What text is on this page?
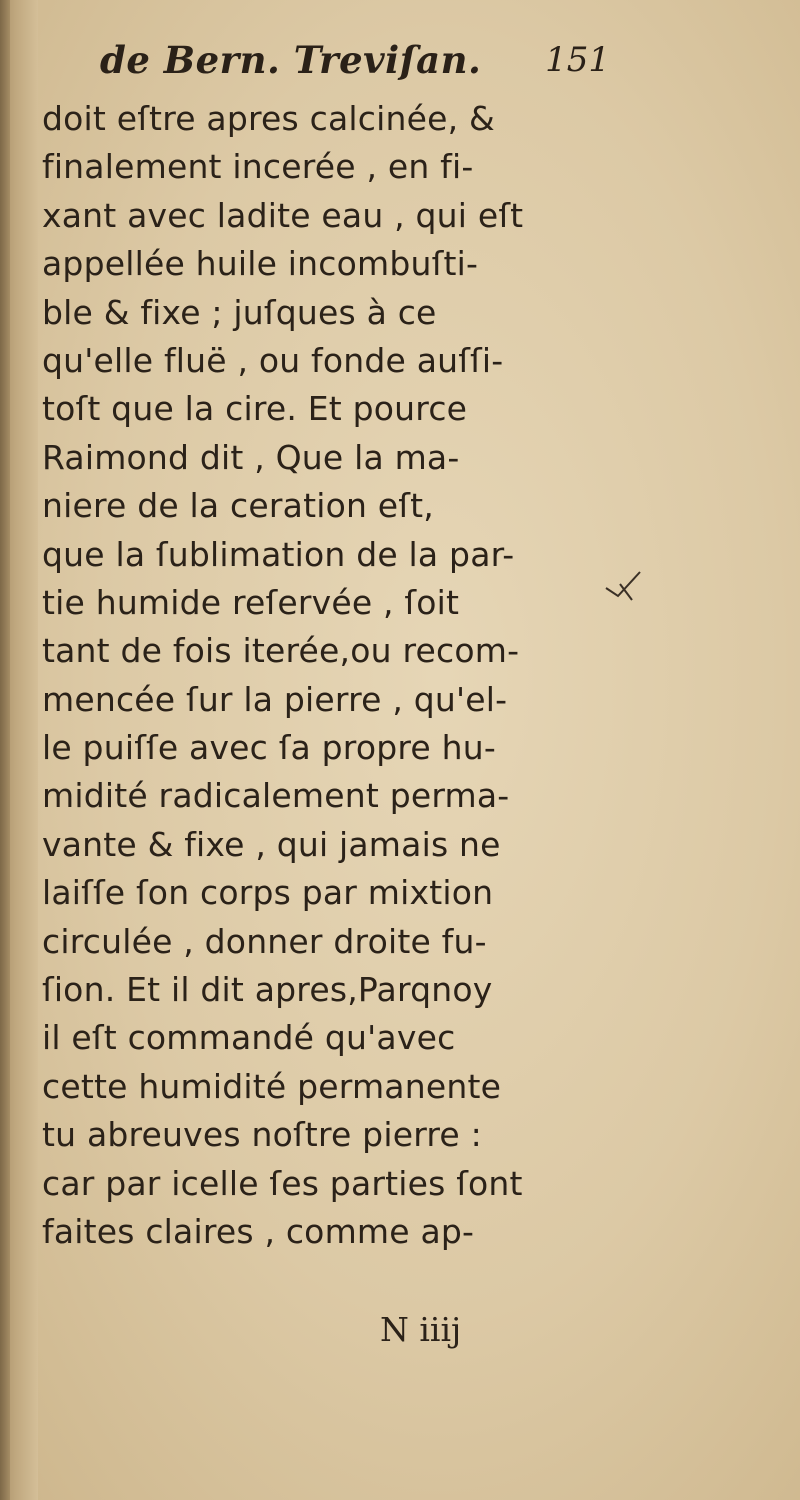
de Bern. Treviſan. 151
doit eſtre apres calcinée, &
finalement incerée , en fi-
xant avec ladite eau , qui eſt
appellée huile incombuſti-
ble & fixe ; juſques à ce
qu'elle fluë , ou fonde auſſi-
toſt que la cire. Et pource
Raimond dit , Que la ma-
niere de la ceration eſt,
que la ſublimation de la par-
tie humide reſervée , ſoit
tant de fois iterée,ou recom-
mencée ſur la pierre , qu'el-
le puiſſe avec ſa propre hu-
midité radicalement perma-
vante & fixe , qui jamais ne
laiſſe ſon corps par mixtion
circulée , donner droite fu-
ſion. Et il dit apres,Parqnoy
il eſt commandé qu'avec
cette humidité permanente
tu abreuves noſtre pierre :
car par icelle ſes parties ſont
faites claires , comme ap-
N iiij
